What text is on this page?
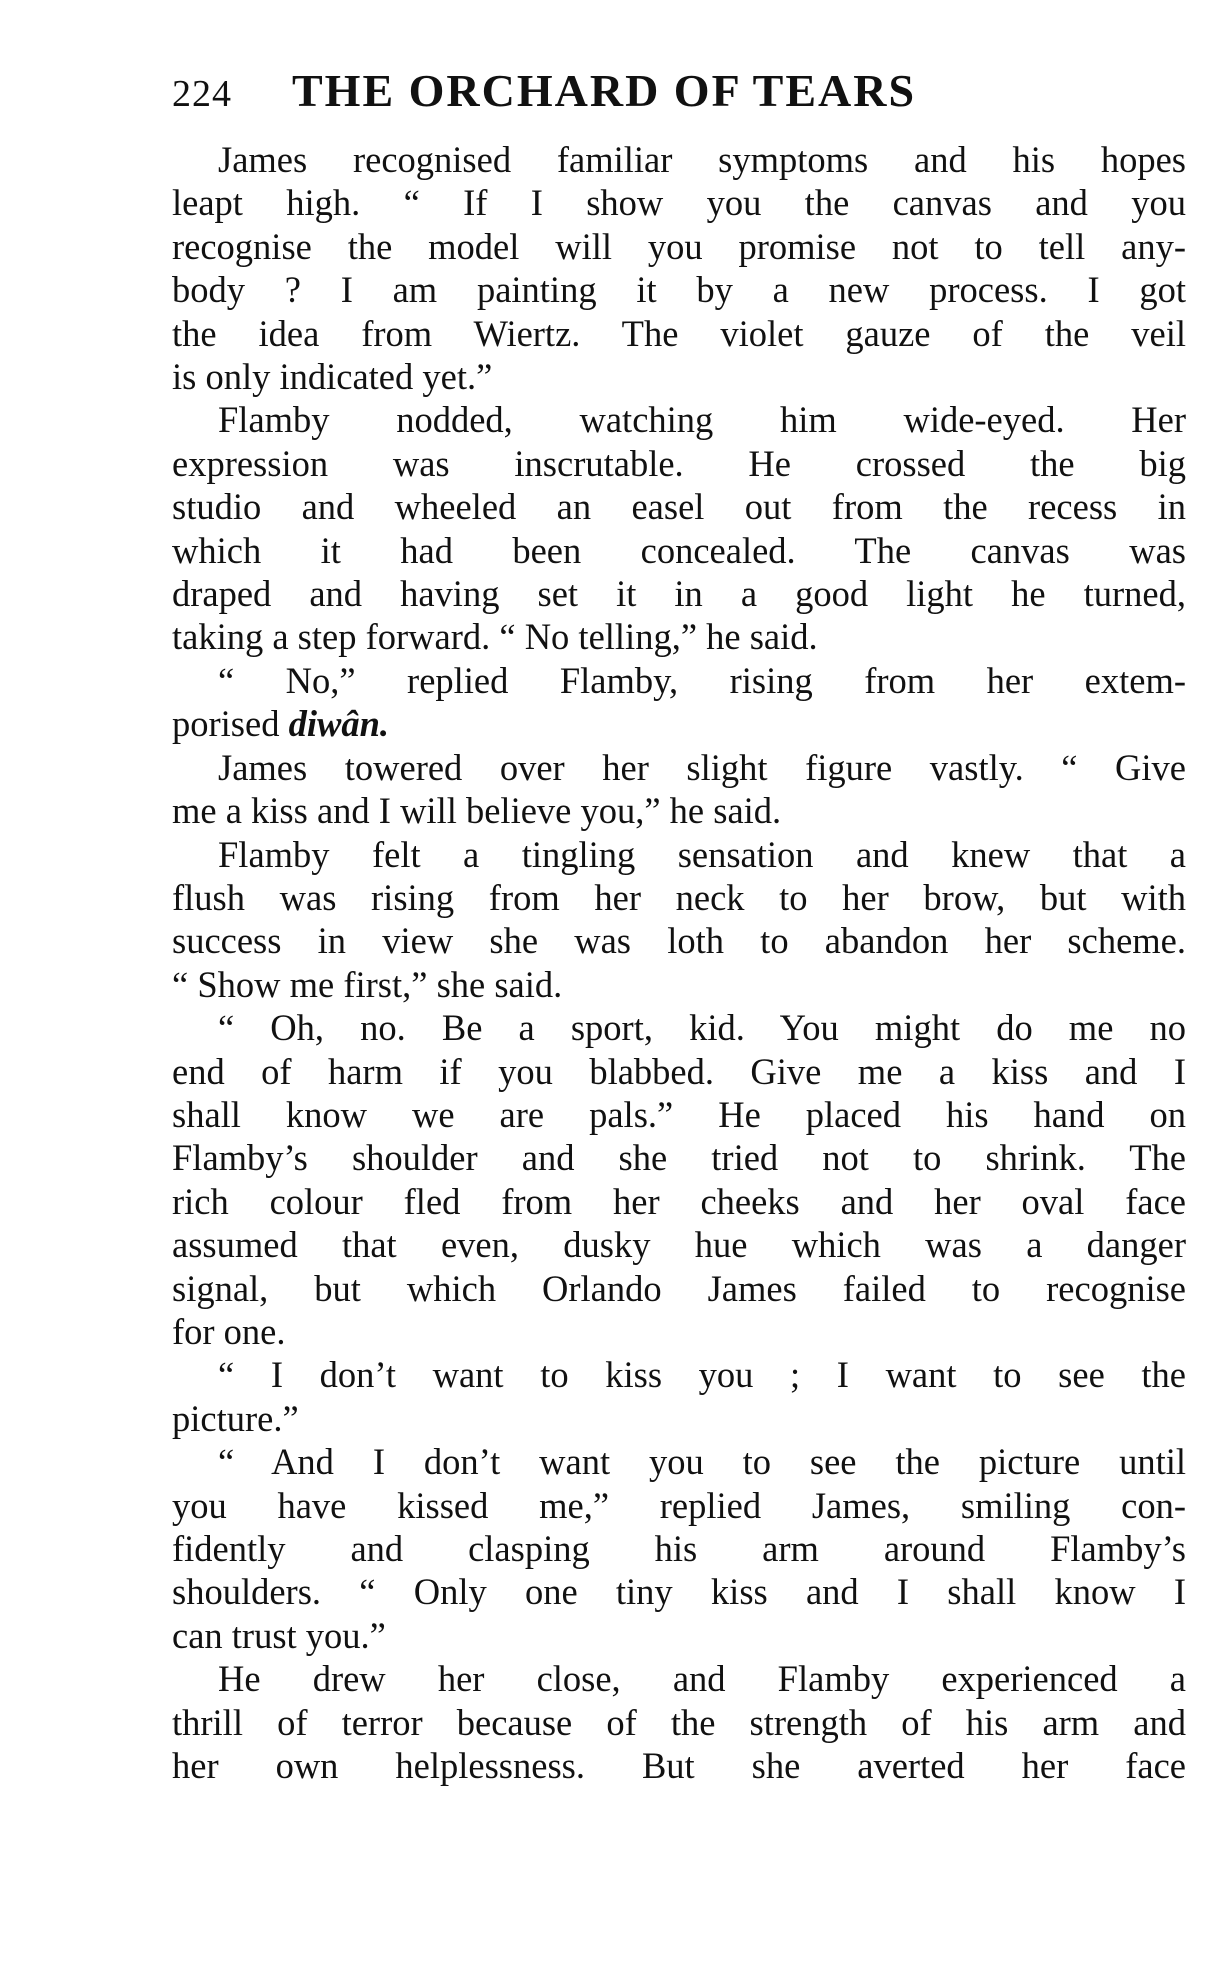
224	THE ORCHARD OF TEARS

James recognised familiar symptoms and his hopes
leapt high. “ If I show you the canvas and you
recognise the model will you promise not to tell any-
body ? I am painting it by a new process. I got
the idea from Wiertz. The violet gauze of the veil
is only indicated yet.”

Flamby nodded, watching him wide-eyed. Her
expression was inscrutable. He crossed the big
studio and wheeled an easel out from the recess in
which it had been concealed. The canvas was
draped and having set it in a good light he turned,
taking a step forward. “ No telling,” he said.

“ No,” replied Flamby, rising from her extem-
porised diwân.

James towered over her slight figure vastly. “ Give
me a kiss and I will believe you,” he said.

Flamby felt a tingling sensation and knew that a
flush was rising from her neck to her brow, but with
success in view she was loth to abandon her scheme.
“ Show me first,” she said.

“ Oh, no. Be a sport, kid. You might do me no
end of harm if you blabbed. Give me a kiss and I
shall know we are pals.” He placed his hand on
Flamby’s shoulder and she tried not to shrink. The
rich colour fled from her cheeks and her oval face
assumed that even, dusky hue which was a danger
signal, but which Orlando James failed to recognise
for one.

“ I don’t want to kiss you ; I want to see the
picture.”

“ And I don’t want you to see the picture until
you have kissed me,” replied James, smiling con-
fidently and clasping his arm around Flamby’s
shoulders. “ Only one tiny kiss and I shall know I
can trust you.”

He drew her close, and Flamby experienced a
thrill of terror because of the strength of his arm and
her own helplessness. But she averted her face
